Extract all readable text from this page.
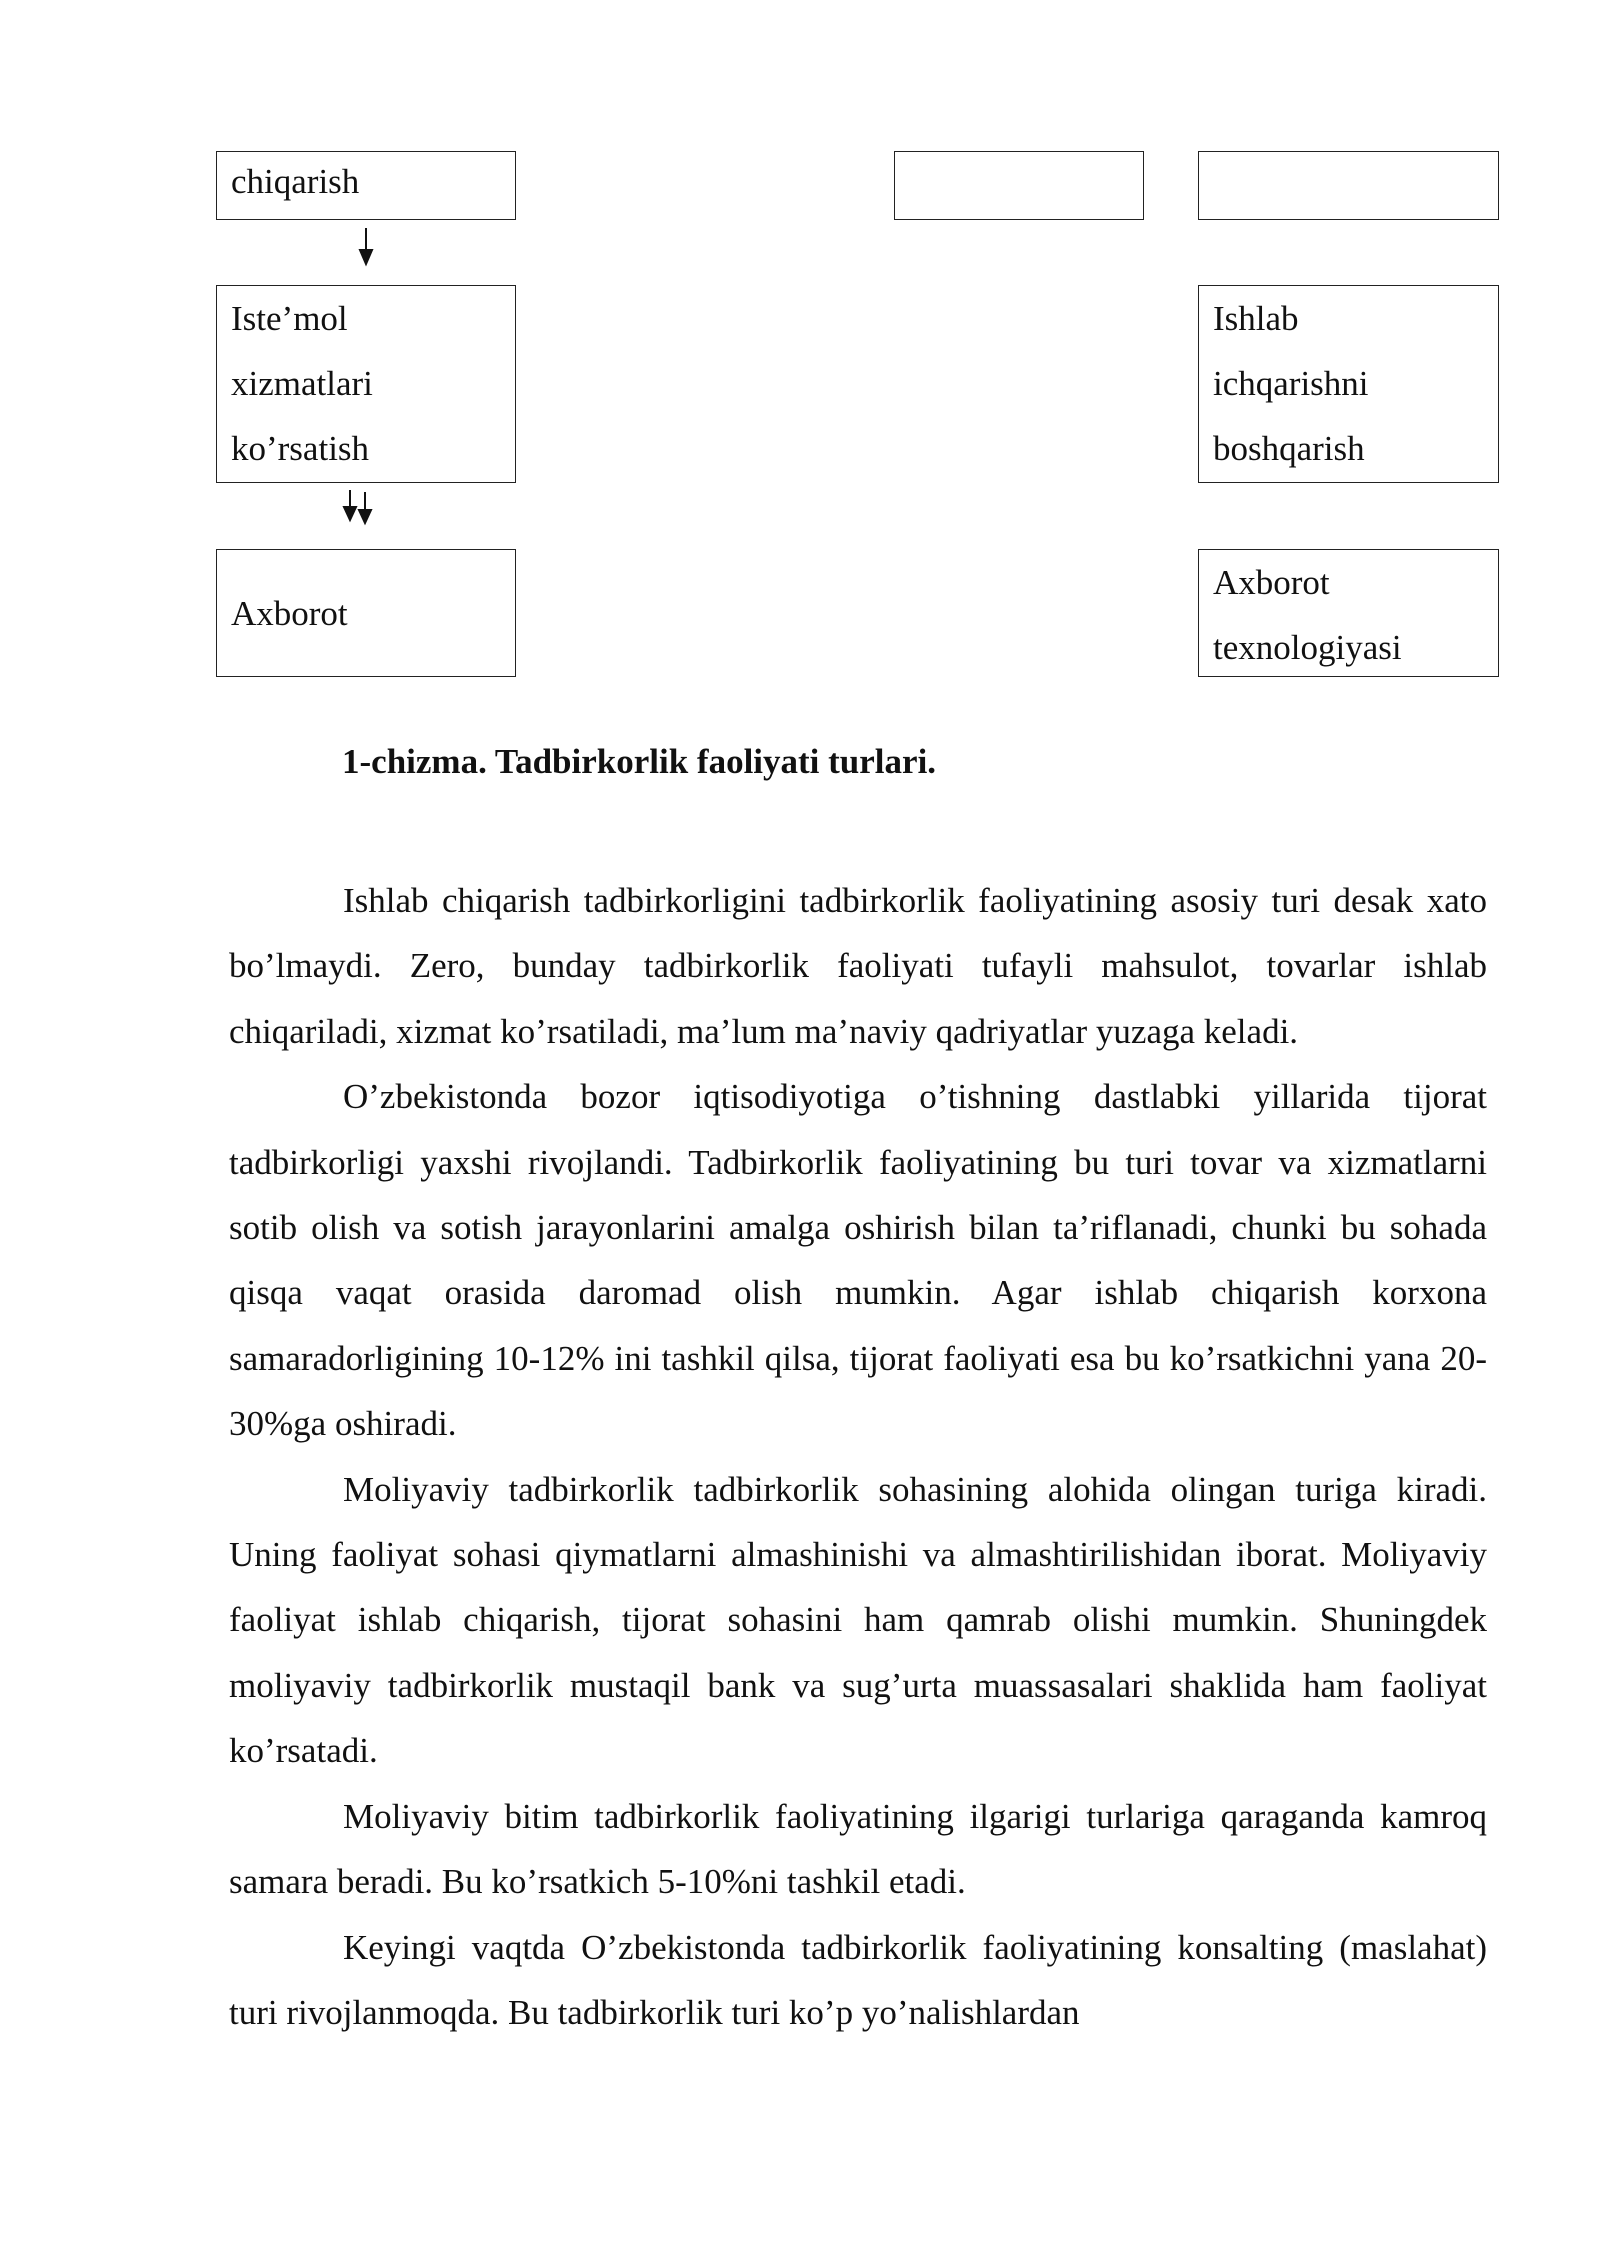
chiqarish
Iste’mol
xizmatlari
ko’rsatish
Ishlab
ichqarishni
boshqarish
Axborot
Axborot
texnologiyasi
1-chizma. Tadbirkorlik faoliyati turlari.

Ishlab chiqarish tadbirkorligini tadbirkorlik faoliyatining asosiy turi desak xato bo’lmaydi. Zero, bunday tadbirkorlik faoliyati tufayli mahsulot, tovarlar ishlab chiqariladi, xizmat ko’rsatiladi, ma’lum ma’naviy qadriyatlar yuzaga keladi.

O’zbekistonda bozor iqtisodiyotiga o’tishning dastlabki yillarida tijorat tadbirkorligi yaxshi rivojlandi. Tadbirkorlik faoliyatining bu turi tovar va xizmatlarni sotib olish va sotish jarayonlarini amalga oshirish bilan ta’riflanadi, chunki bu sohada qisqa vaqat orasida daromad olish mumkin. Agar ishlab chiqarish korxona samaradorligining 10-12% ini tashkil qilsa, tijorat faoliyati esa bu ko’rsatkichni yana 20-30%ga oshiradi.

Moliyaviy tadbirkorlik tadbirkorlik sohasining alohida olingan turiga kiradi. Uning faoliyat sohasi qiymatlarni almashinishi va almashtirilishidan iborat. Moliyaviy faoliyat ishlab chiqarish, tijorat sohasini ham qamrab olishi mumkin. Shuningdek moliyaviy tadbirkorlik mustaqil bank va sug’urta muassasalari shaklida ham faoliyat ko’rsatadi.

Moliyaviy bitim tadbirkorlik faoliyatining ilgarigi turlariga qaraganda kamroq samara beradi. Bu ko’rsatkich 5-10%ni tashkil etadi.

Keyingi vaqtda O’zbekistonda tadbirkorlik faoliyatining konsalting (maslahat) turi rivojlanmoqda. Bu tadbirkorlik turi ko’p yo’nalishlardan
